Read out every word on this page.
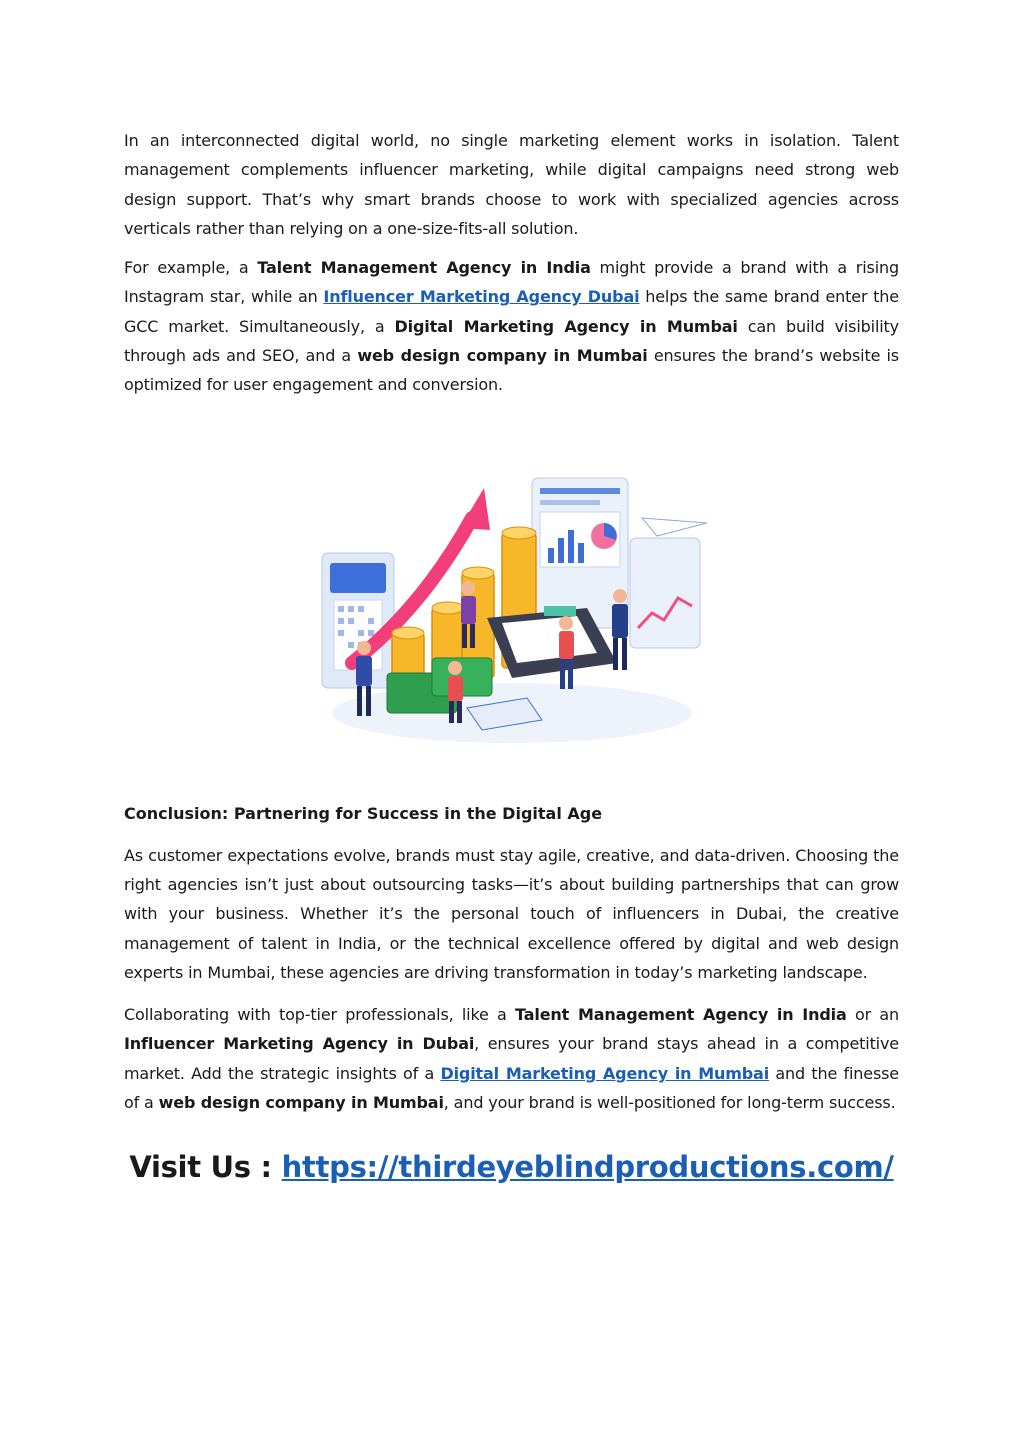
In an interconnected digital world, no single marketing element works in isolation. Talent management complements influencer marketing, while digital campaigns need strong web design support. That’s why smart brands choose to work with specialized agencies across verticals rather than relying on a one-size-fits-all solution.

For example, a Talent Management Agency in India might provide a brand with a rising Instagram star, while an Influencer Marketing Agency Dubai helps the same brand enter the GCC market. Simultaneously, a Digital Marketing Agency in Mumbai can build visibility through ads and SEO, and a web design company in Mumbai ensures the brand’s website is optimized for user engagement and conversion.

Conclusion: Partnering for Success in the Digital Age

As customer expectations evolve, brands must stay agile, creative, and data-driven. Choosing the right agencies isn’t just about outsourcing tasks—it’s about building partnerships that can grow with your business. Whether it’s the personal touch of influencers in Dubai, the creative management of talent in India, or the technical excellence offered by digital and web design experts in Mumbai, these agencies are driving transformation in today’s marketing landscape.

Collaborating with top-tier professionals, like a Talent Management Agency in India or an Influencer Marketing Agency in Dubai, ensures your brand stays ahead in a competitive market. Add the strategic insights of a Digital Marketing Agency in Mumbai and the finesse of a web design company in Mumbai, and your brand is well-positioned for long-term success.

Visit Us : https://thirdeyeblindproductions.com/
